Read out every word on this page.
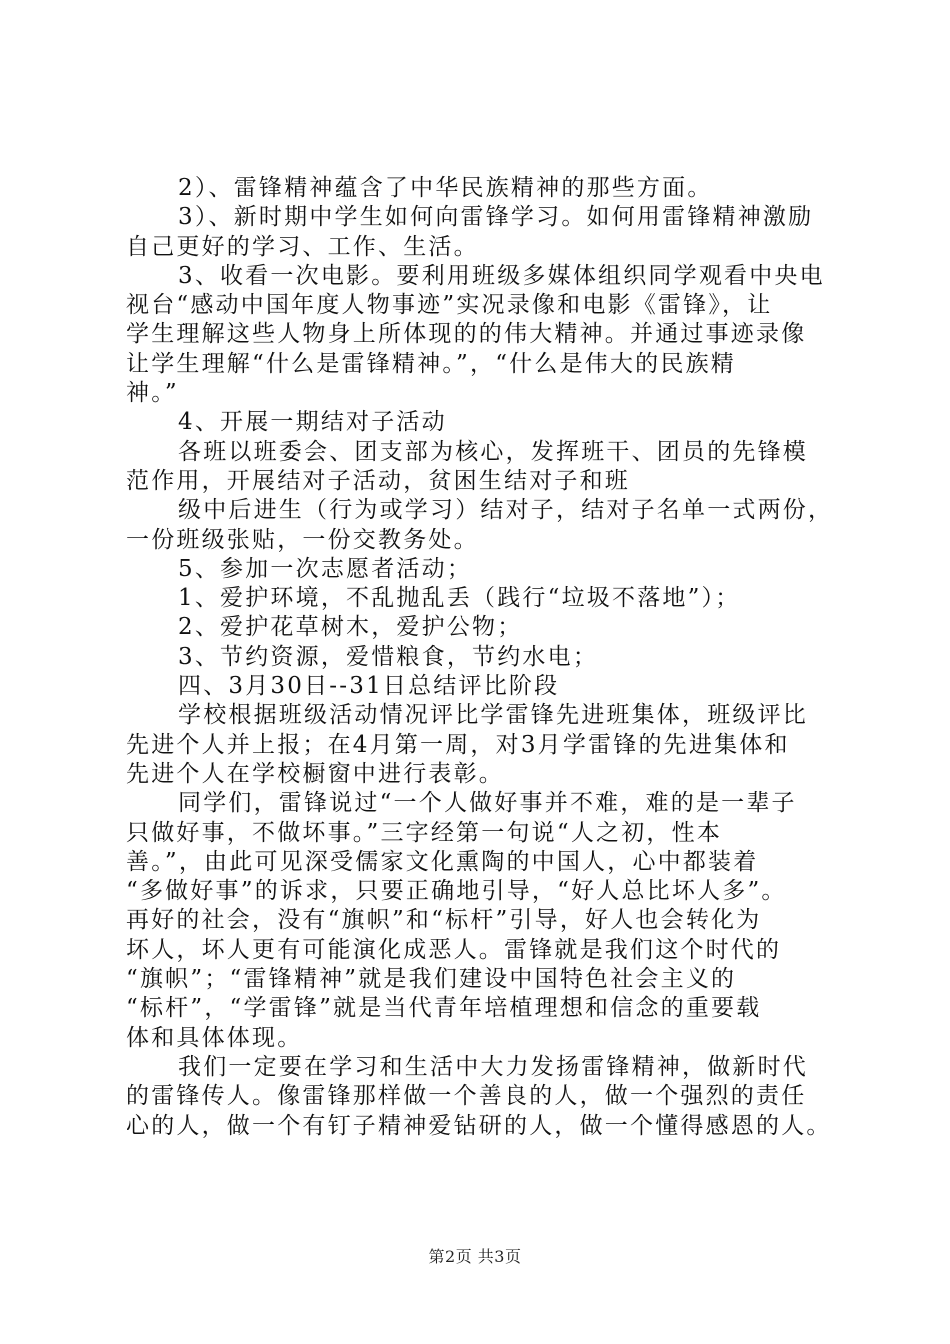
2）、雷锋精神蕴含了中华民族精神的那些方面。

3）、新时期中学生如何向雷锋学习。如何用雷锋精神激励

自己更好的学习、工作、生活。

3、收看一次电影。要利用班级多媒体组织同学观看中央电

视台“感动中国年度人物事迹”实况录像和电影《雷锋》，让

学生理解这些人物身上所体现的的伟大精神。并通过事迹录像

让学生理解“什么是雷锋精神。”，“什么是伟大的民族精

神。”

4、开展一期结对子活动

各班以班委会、团支部为核心，发挥班干、团员的先锋模

范作用，开展结对子活动，贫困生结对子和班

级中后进生（行为或学习）结对子，结对子名单一式两份，

一份班级张贴，一份交教务处。

5、参加一次志愿者活动；

1、爱护环境，不乱抛乱丢（践行“垃圾不落地”）；

2、爱护花草树木，爱护公物；

3、节约资源，爱惜粮食，节约水电；

四、3月30日--31日总结评比阶段

学校根据班级活动情况评比学雷锋先进班集体，班级评比

先进个人并上报；在4月第一周，对3月学雷锋的先进集体和

先进个人在学校橱窗中进行表彰。

同学们，雷锋说过“一个人做好事并不难，难的是一辈子

只做好事，不做坏事。”三字经第一句说“人之初，性本

善。”，由此可见深受儒家文化熏陶的中国人，心中都装着

“多做好事”的诉求，只要正确地引导，“好人总比坏人多”。

再好的社会，没有“旗帜”和“标杆”引导，好人也会转化为

坏人，坏人更有可能演化成恶人。雷锋就是我们这个时代的

“旗帜”；“雷锋精神”就是我们建设中国特色社会主义的

“标杆”，“学雷锋”就是当代青年培植理想和信念的重要载

体和具体体现。

我们一定要在学习和生活中大力发扬雷锋精神，做新时代

的雷锋传人。像雷锋那样做一个善良的人，做一个强烈的责任

心的人，做一个有钉子精神爱钻研的人，做一个懂得感恩的人。

第2页 共3页
